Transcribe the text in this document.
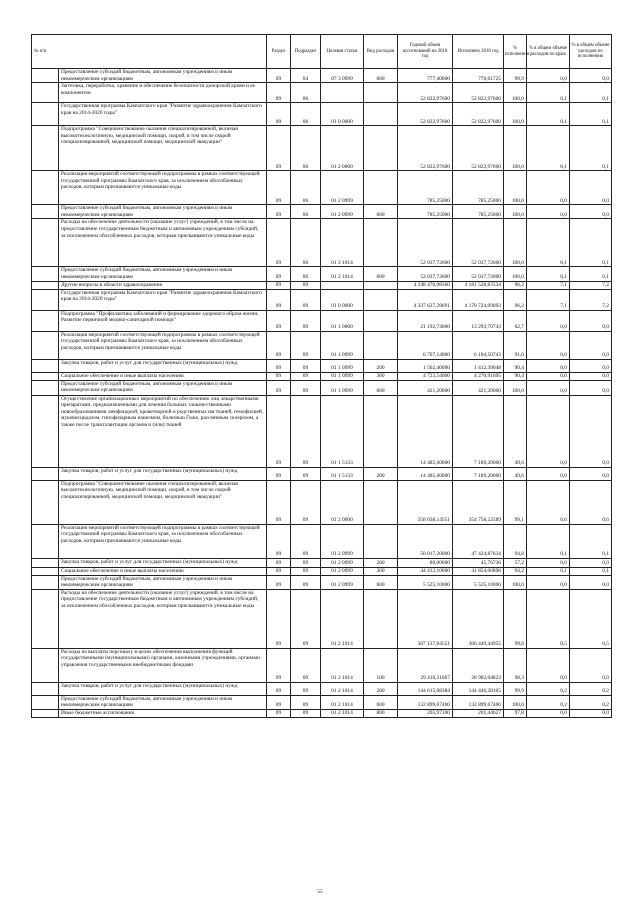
№ п/п		Раздел	Подраздел	Целевая статья	Вид расходов	Годовой объем ассигнований на 2018 год	Исполнено 2018 год	% исполнения	% в общем объеме расходов по краю	% в общем объеме расходов по исполнению
	Предоставление субсидий бюджетным, автономным учреждениям и иным некоммерческим организациям	09	04	07 3 0999	600	777,40000	776,61725	99,9	0,0	0,0
	Заготовка, переработка, хранение и обеспечение безопасности донорской крови и ее компонентов	09	06			52 822,97600	52 822,97600	100,0	0,1	0,1
	Государственная программа Камчатского края "Развитие здравоохранения Камчатского края на 2014-2020 годы"	09	06	01 0 0000		52 822,97600	52 822,97600	100,0	0,1	0,1
	Подпрограмма "Совершенствование оказания специализированной, включая высокотехнологичную, медицинской помощи, скорой, в том числе скорой специализированной, медицинской помощи, медицинской эвакуации"	09	06	01 2 0000		52 822,97600	52 822,97600	100,0	0,1	0,1
	Реализация мероприятий соответствующей подпрограммы в рамках соответствующей государственной программы Камчатского края, за исключением обособленных расходов, которым присваиваются уникальные коды	09	06	01 2 0999		785,25000	785,25000	100,0	0,0	0,0
	Предоставление субсидий бюджетным, автономным учреждениям и иным некоммерческим организациям	09	06	01 2 0999	600	785,25000	785,25000	100,0	0,0	0,0
	Расходы на обеспечение деятельности (оказание услуг) учреждений, в том числе на предоставление государственным бюджетным и автономным учреждениям субсидий, за исключением обособленных расходов, которым присваиваются уникальные коды	09	06	01 2 1014		52 037,72600	52 037,72600	100,0	0,1	0,1
	Предоставление субсидий бюджетным, автономным учреждениям и иным некоммерческим организациям	09	06	01 2 1014	600	52 037,72600	52 037,72600	100,0	0,1	0,1
	Другие вопросы в области здравоохранения	09	09			4 348 470,98360	4 181 528,83534	96,2	7,1	7,2
	Государственная программа Камчатского края "Развитие здравоохранения Камчатского края на 2014-2020 годы"	09	09	01 0 0000		4 337 627,39691	4 170 724,09093	96,2	7,1	7,2
	Подпрограмма "Профилактика заболеваний и формирование здорового образа жизни. Развитие первичной медико-санитарной помощи"	09	09	01 1 0000		21 192,74000	13 293,70743	62,7	0,0	0,0
	Реализация мероприятий соответствующей подпрограммы в рамках соответствующей государственной программы Камчатского края, за исключением обособленных расходов, которым присваиваются уникальные коды	09	09	01 1 0999		6 707,14000	6 104,50743	91,0	0,0	0,0
	Закупка товаров, работ и услуг для государственных (муниципальных) нужд	09	09	01 1 0999	200	1 562,40000	1 412,39048	90,4	0,0	0,0
	Социальное обеспечение и иные выплаты населению	09	09	01 1 0999	300	4 723,54000	4 270,91695	90,4	0,0	0,0
	Предоставление субсидий бюджетным, автономным учреждениям и иным некоммерческим организациям	09	09	01 1 0999	600	421,20000	421,20000	100,0	0,0	0,0
	Осуществление организационных мероприятий по обеспечению лиц лекарственными препаратами, предназначенными для лечения больных злокачественными новообразованиями лимфоидной, кроветворной и родственных им тканей, гемофилией, муковисцидозом, гипофизарным нанизмом, болезнью Гоше, рассеянным склерозом, а также после трансплантации органов и (или) тканей	09	09	01 1 5133		14 485,60000	7 189,20000	49,6	0,0	0,0
	Закупка товаров, работ и услуг для государственных (муниципальных) нужд	09	09	01 1 5133	200	14 485,60000	7 189,20000	49,6	0,0	0,0
	Подпрограмма "Совершенствование оказания специализированной, включая высокотехнологичную, медицинской помощи, скорой, в том числе скорой специализированной, медицинской помощи, медицинской эвакуации"	09	09	01 2 0000		358 038,14551	354 758,22589	99,1	0,6	0,6
	Реализация мероприятий соответствующей подпрограммы в рамках соответствующей государственной программы Камчатского края, за исключением обособленных расходов, которым присваиваются уникальные коды	09	09	01 2 0999		50 017,20000	47 424,87634	94,8	0,1	0,1
	Закупка товаров, работ и услуг для государственных (муниципальных) нужд	09	09	01 2 0999	200	80,00000	45,76736	57,2	0,0	0,0
	Социальное обеспечение и иные выплаты населению	09	09	01 2 0999	300	44 412,10000	41 854,00898	94,2	0,1	0,1
	Предоставление субсидий бюджетным, автономным учреждениям и иным некоммерческим организациям	09	09	01 2 0999	600	5 525,10000	5 525,10000	100,0	0,0	0,0
	Расходы на обеспечение деятельности (оказание услуг) учреждений, в том числе на предоставление государственным бюджетным и автономным учреждениям субсидий, за исключением обособленных расходов, которым присваиваются уникальные коды	09	09	01 2 1014		307 137,04551	306 449,44955	99,8	0,5	0,5
	Расходы на выплаты персоналу в целях обеспечения выполнения функций государственными (муниципальными) органами, казенными учреждениями, органами управления государственными внебюджетными фондами	09	09	01 2 1014	100	29 416,31667	28 902,04823	98,3	0,0	0,0
	Закупка товаров, работ и услуг для государственных (муниципальных) нужд	09	09	01 2 1014	200	144 615,08384	144 446,28105	99,9	0,2	0,2
	Предоставление субсидий бюджетным, автономным учреждениям и иным некоммерческим организациям	09	09	01 2 1014	600	132 899,67400	132 899,67400	100,0	0,2	0,2
	Иные бюджетные ассигнования	09	09	01 2 1014	800	205,97100	201,44627	97,8	0,0	0,0
55
